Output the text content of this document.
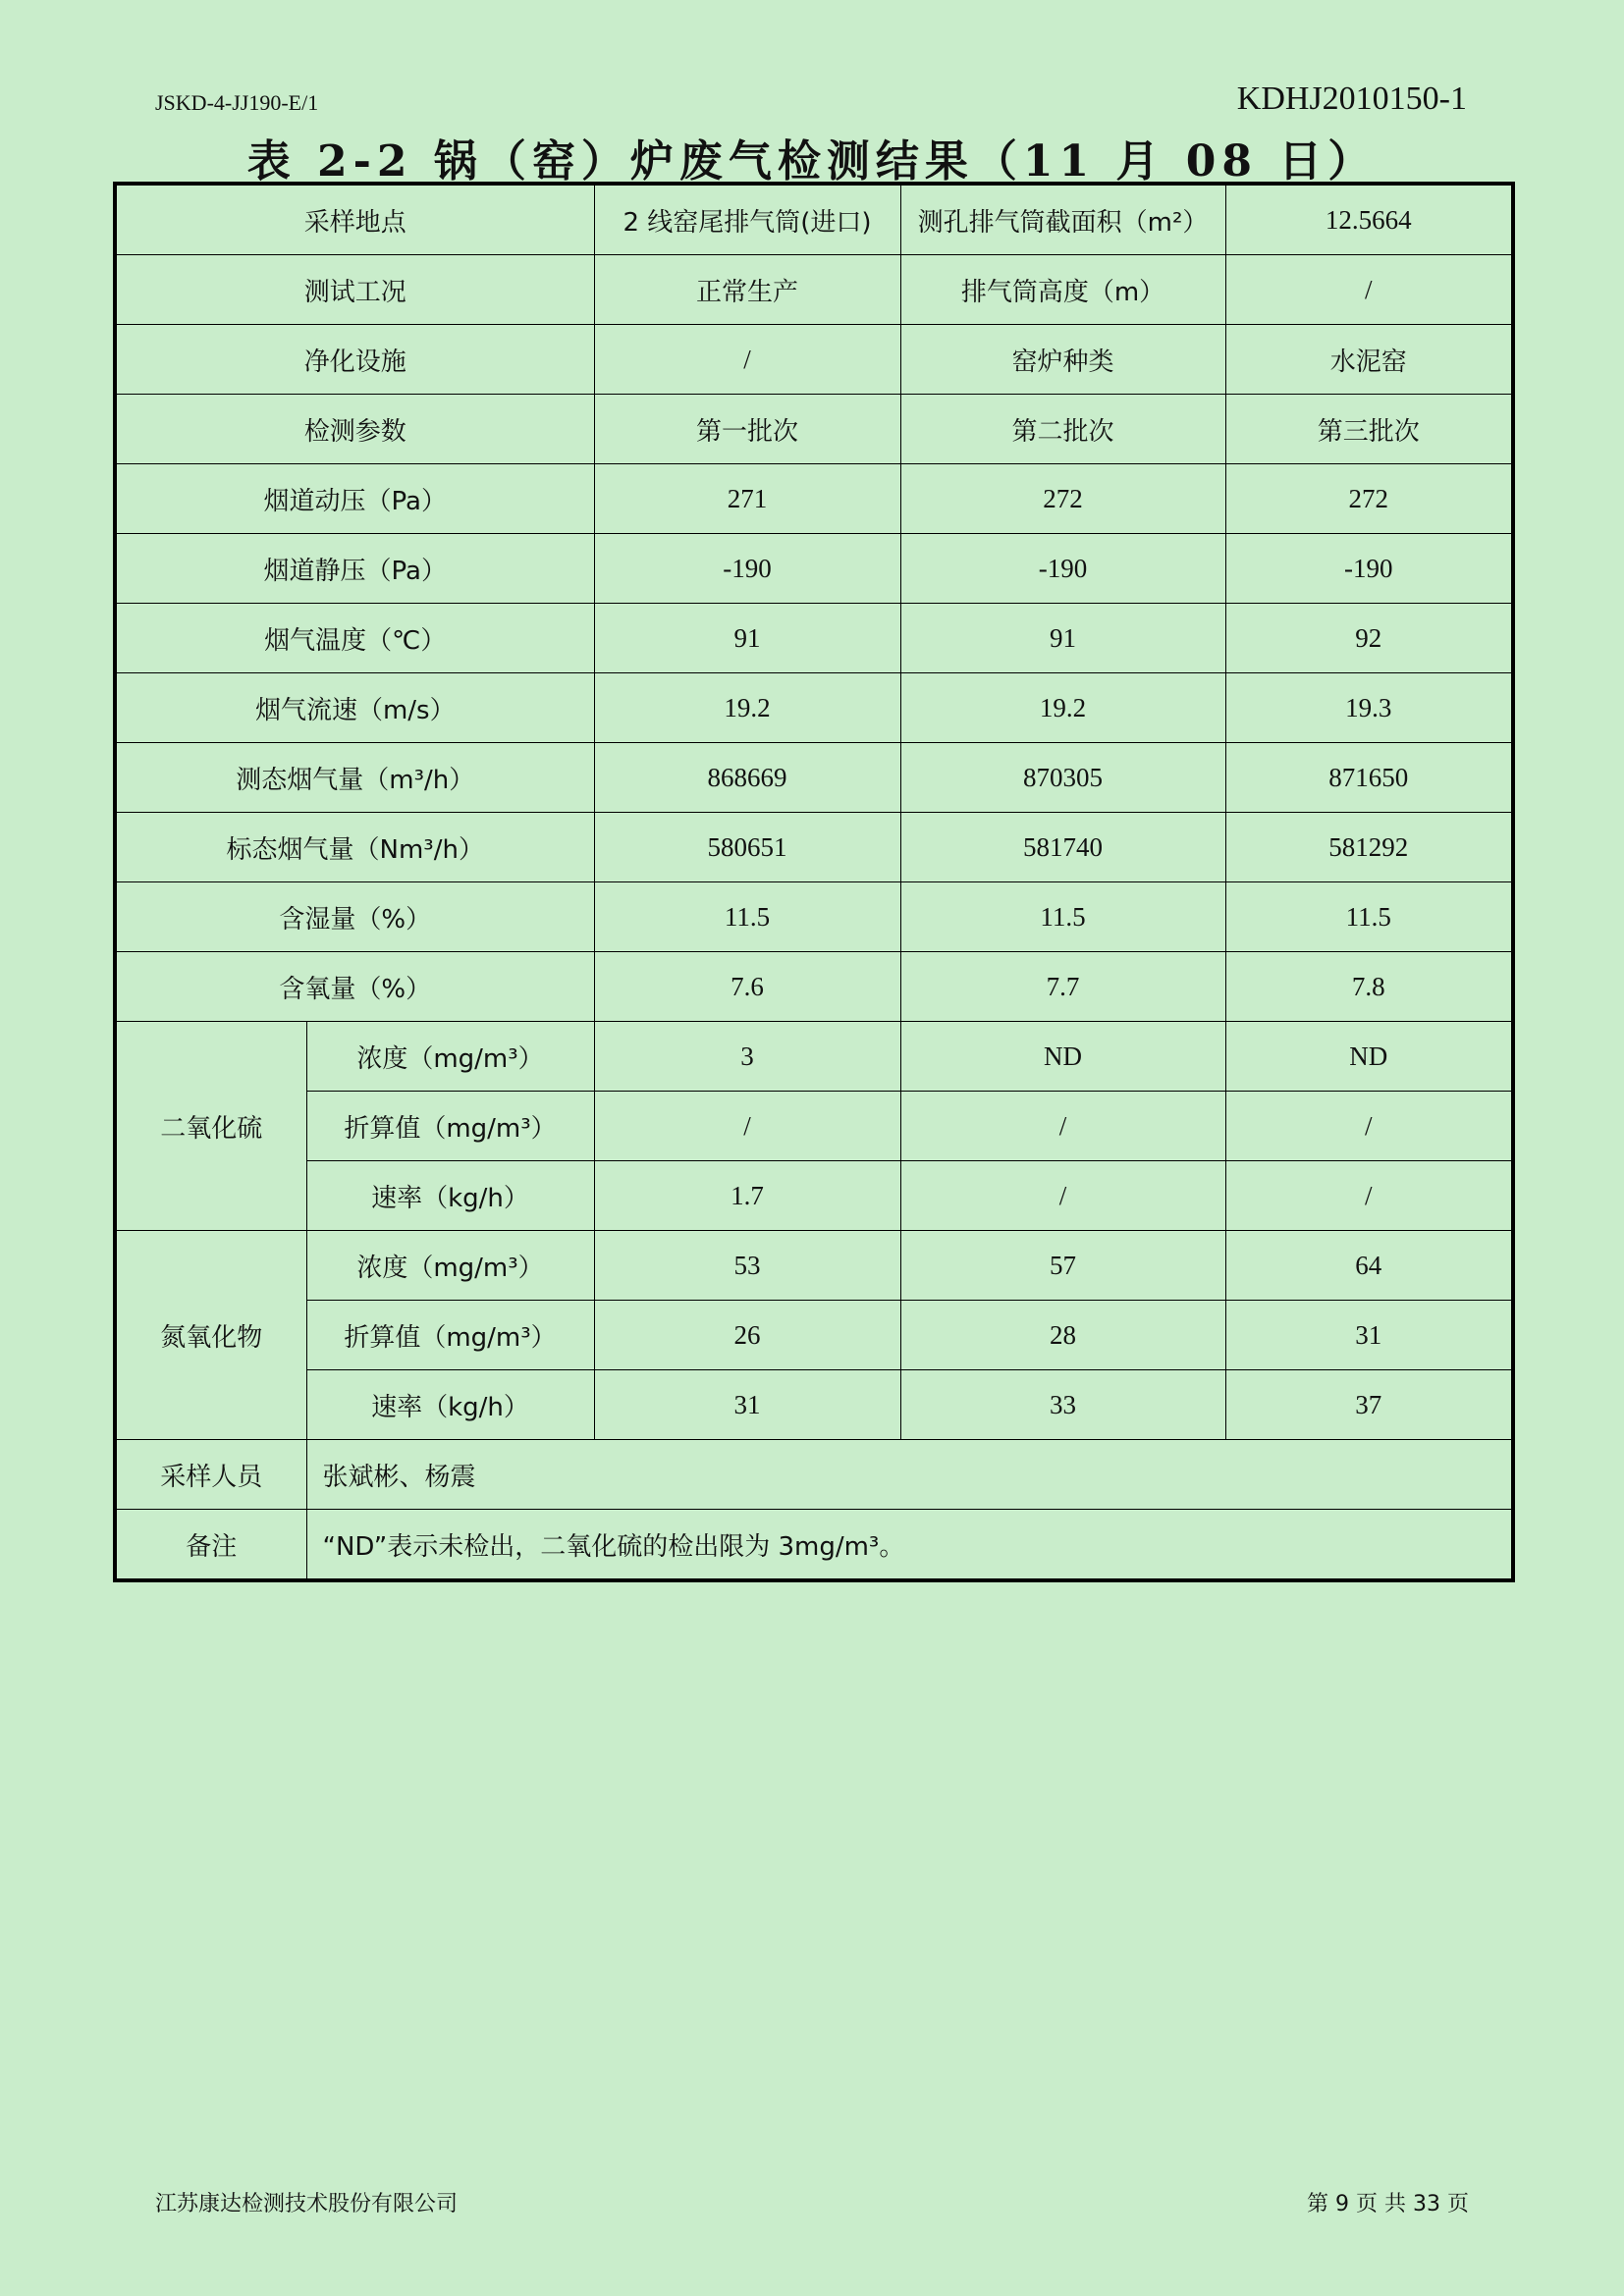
JSKD-4-JJ190-E/1	KDHJ2010150-1
表 2-2 锅（窑）炉废气检测结果（11 月 08 日）
采样地点		2 线窑尾排气筒(进口)	测孔排气筒截面积（m²）	12.5664
测试工况		正常生产	排气筒高度（m）	/
净化设施		/	窑炉种类	水泥窑
检测参数		第一批次	第二批次	第三批次
烟道动压（Pa）		271	272	272
烟道静压（Pa）		-190	-190	-190
烟气温度（℃）		91	91	92
烟气流速（m/s）		19.2	19.2	19.3
测态烟气量（m³/h）		868669	870305	871650
标态烟气量（Nm³/h）		580651	581740	581292
含湿量（%）		11.5	11.5	11.5
含氧量（%）		7.6	7.7	7.8
二氧化硫	浓度（mg/m³）	3	ND	ND
	折算值（mg/m³）	/	/	/
	速率（kg/h）	1.7	/	/
氮氧化物	浓度（mg/m³）	53	57	64
	折算值（mg/m³）	26	28	31
	速率（kg/h）	31	33	37
采样人员	张斌彬、杨震			
备注	“ND”表示未检出，二氧化硫的检出限为 3mg/m³。			
江苏康达检测技术股份有限公司	第 9 页 共 33 页
